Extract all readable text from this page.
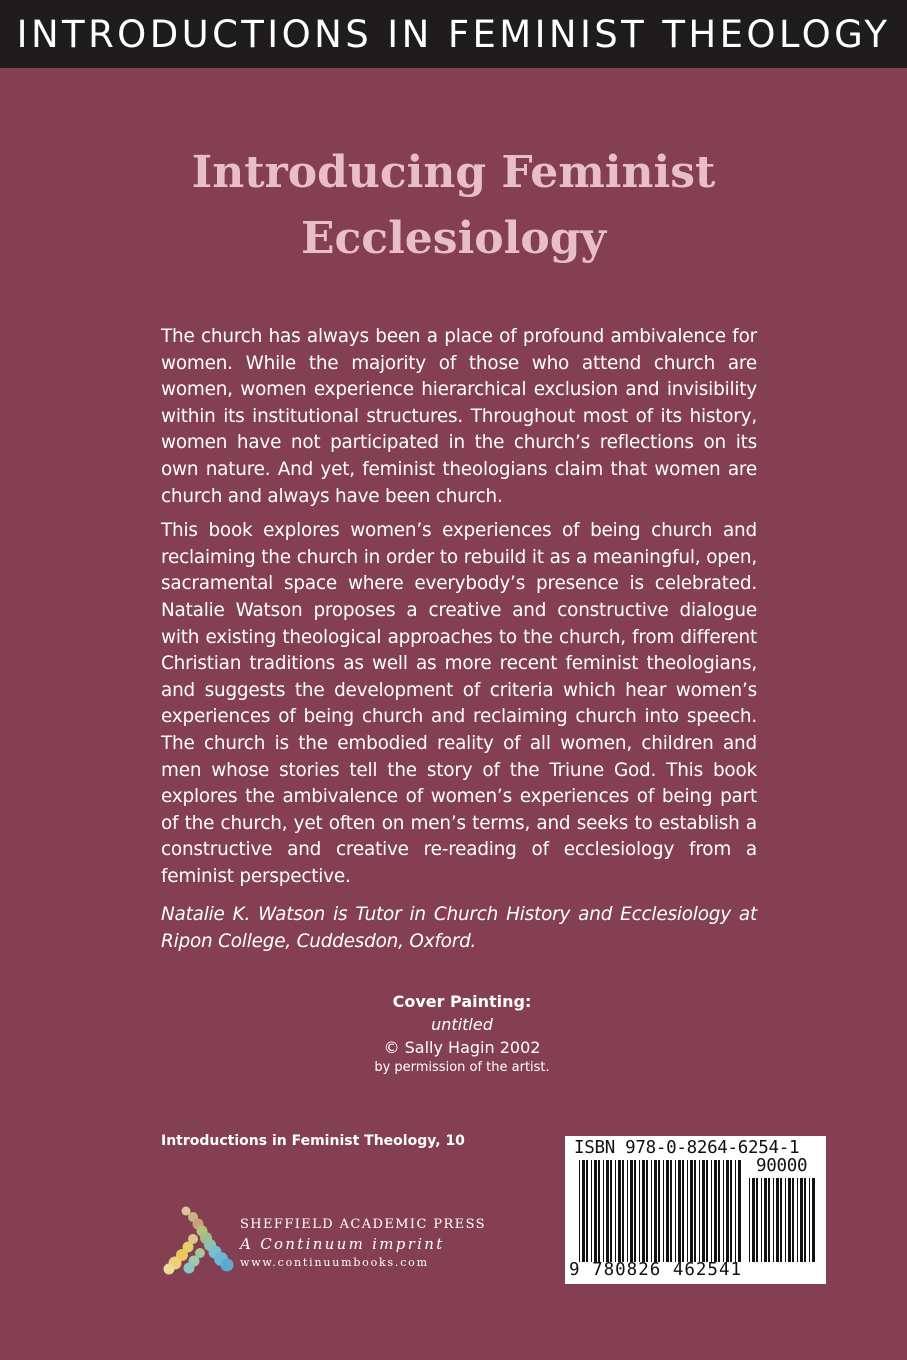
INTRODUCTIONS IN FEMINIST THEOLOGY
Introducing Feminist
Ecclesiology

The church has always been a place of profound ambivalence for women. While the majority of those who attend church are women, women experience hierarchical exclusion and invisibility within its institutional structures. Throughout most of its history, women have not participated in the church’s reflections on its own nature. And yet, feminist theologians claim that women are church and always have been church.

This book explores women’s experiences of being church and reclaiming the church in order to rebuild it as a meaningful, open, sacramental space where everybody’s presence is celebrated. Natalie Watson proposes a creative and constructive dialogue with existing theological approaches to the church, from different Christian traditions as well as more recent feminist theologians, and suggests the development of criteria which hear women’s experiences of being church and reclaiming church into speech. The church is the embodied reality of all women, children and men whose stories tell the story of the Triune God. This book explores the ambivalence of women’s experiences of being part of the church, yet often on men’s terms, and seeks to establish a constructive and creative re-reading of ecclesiology from a feminist perspective.

Natalie K. Watson is Tutor in Church History and Ecclesiology at Ripon College, Cuddesdon, Oxford.

Cover Painting:
untitled
© Sally Hagin 2002
by permission of the artist.
Introductions in Feminist Theology, 10
SHEFFIELD ACADEMIC PRESS
A Continuum imprint
www.continuumbooks.com
ISBN 978-0-8264-6254-1
90000
9 780826 462541
